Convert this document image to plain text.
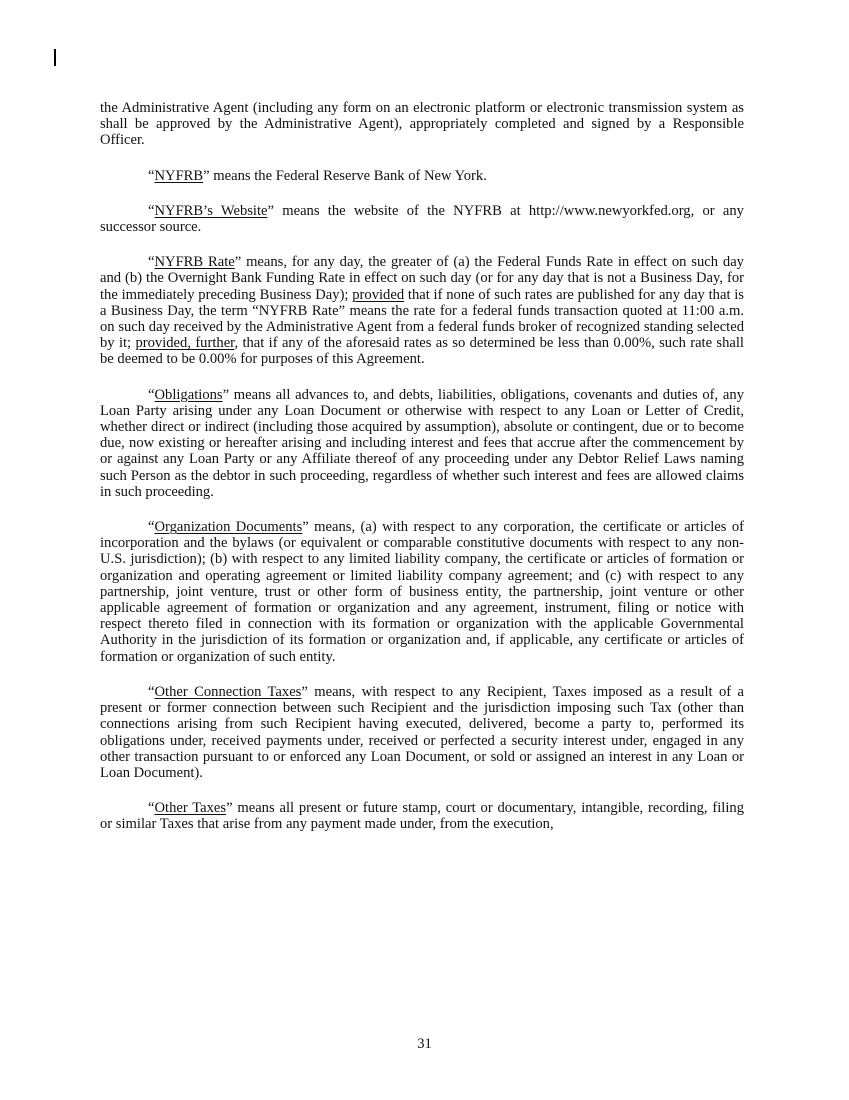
the Administrative Agent (including any form on an electronic platform or electronic transmission system as shall be approved by the Administrative Agent), appropriately completed and signed by a Responsible Officer.

“NYFRB” means the Federal Reserve Bank of New York.

“NYFRB’s Website” means the website of the NYFRB at http://www.newyorkfed.org, or any successor source.

“NYFRB Rate” means, for any day, the greater of (a) the Federal Funds Rate in effect on such day and (b) the Overnight Bank Funding Rate in effect on such day (or for any day that is not a Business Day, for the immediately preceding Business Day); provided that if none of such rates are published for any day that is a Business Day, the term “NYFRB Rate” means the rate for a federal funds transaction quoted at 11:00 a.m. on such day received by the Administrative Agent from a federal funds broker of recognized standing selected by it; provided, further, that if any of the aforesaid rates as so determined be less than 0.00%, such rate shall be deemed to be 0.00% for purposes of this Agreement.

“Obligations” means all advances to, and debts, liabilities, obligations, covenants and duties of, any Loan Party arising under any Loan Document or otherwise with respect to any Loan or Letter of Credit, whether direct or indirect (including those acquired by assumption), absolute or contingent, due or to become due, now existing or hereafter arising and including interest and fees that accrue after the commencement by or against any Loan Party or any Affiliate thereof of any proceeding under any Debtor Relief Laws naming such Person as the debtor in such proceeding, regardless of whether such interest and fees are allowed claims in such proceeding.

“Organization Documents” means, (a) with respect to any corporation, the certificate or articles of incorporation and the bylaws (or equivalent or comparable constitutive documents with respect to any non-U.S. jurisdiction); (b) with respect to any limited liability company, the certificate or articles of formation or organization and operating agreement or limited liability company agreement; and (c) with respect to any partnership, joint venture, trust or other form of business entity, the partnership, joint venture or other applicable agreement of formation or organization and any agreement, instrument, filing or notice with respect thereto filed in connection with its formation or organization with the applicable Governmental Authority in the jurisdiction of its formation or organization and, if applicable, any certificate or articles of formation or organization of such entity.

“Other Connection Taxes” means, with respect to any Recipient, Taxes imposed as a result of a present or former connection between such Recipient and the jurisdiction imposing such Tax (other than connections arising from such Recipient having executed, delivered, become a party to, performed its obligations under, received payments under, received or perfected a security interest under, engaged in any other transaction pursuant to or enforced any Loan Document, or sold or assigned an interest in any Loan or Loan Document).

“Other Taxes” means all present or future stamp, court or documentary, intangible, recording, filing or similar Taxes that arise from any payment made under, from the execution,

31
